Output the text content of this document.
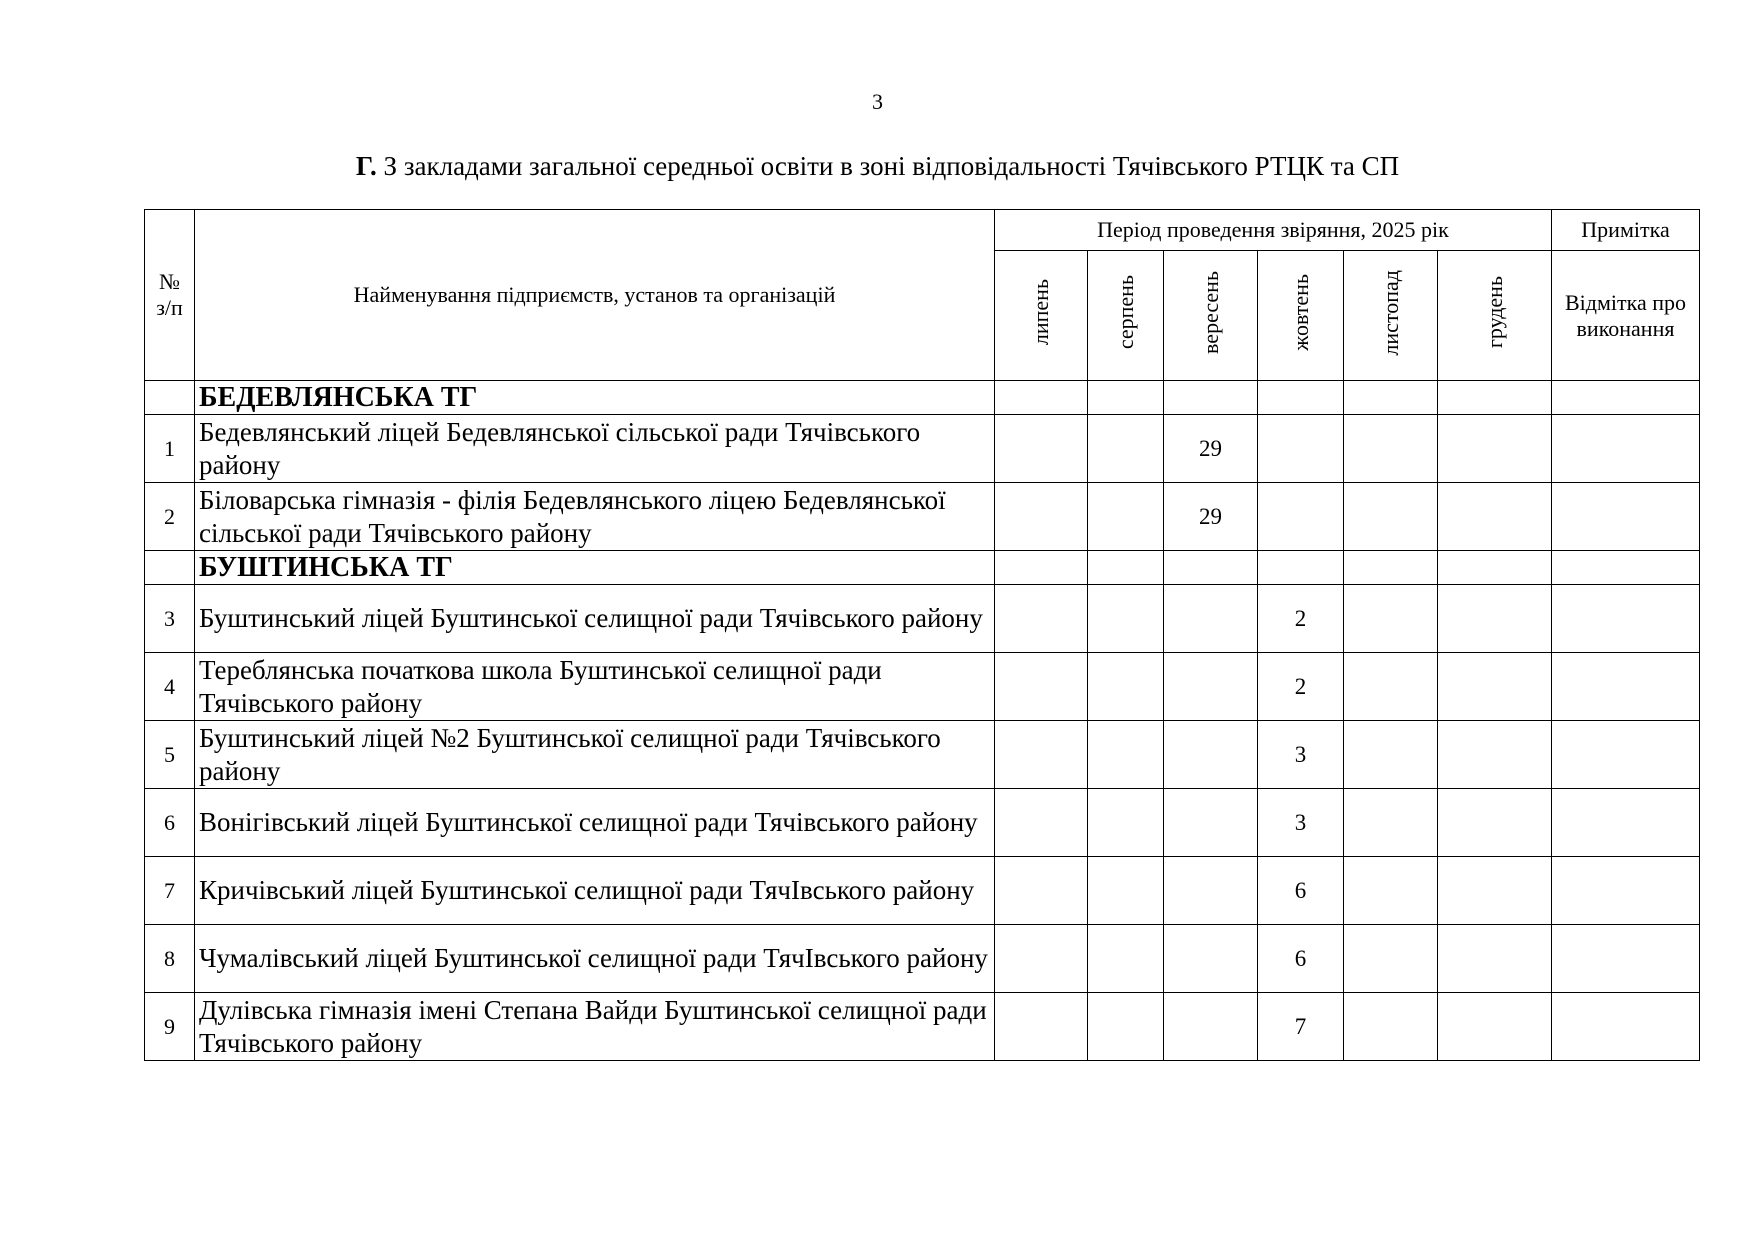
3
Г. З закладами загальної середньої освіти в зоні відповідальності Тячівського РТЦК та СП
№ з/п	Найменування підприємств, установ та організацій	Період проведення звіряння, 2025 рік						Примітка
		липень	серпень	вересень	жовтень	листопад	грудень	Відмітка про виконання
	БЕДЕВЛЯНСЬКА ТГ							
1	Бедевлянський ліцей Бедевлянської сільської ради Тячівського району			29				
2	Біловарська гімназія - філія Бедевлянського ліцею Бедевлянської сільської ради Тячівського району			29				
	БУШТИНСЬКА ТГ							
3	Буштинський ліцей Буштинської селищної ради Тячівського району				2			
4	Тереблянська початкова школа Буштинської селищної ради Тячівського району				2			
5	Буштинський ліцей №2 Буштинської селищної ради Тячівського району				3			
6	Вонігівський ліцей Буштинської селищної ради Тячівського району				3			
7	Кричівський ліцей Буштинської селищної ради ТячІвського району				6			
8	Чумалівський ліцей Буштинської селищної ради ТячІвського району				6			
9	Дулівська гімназія імені Степана Вайди Буштинської селищної ради Тячівського району				7			
